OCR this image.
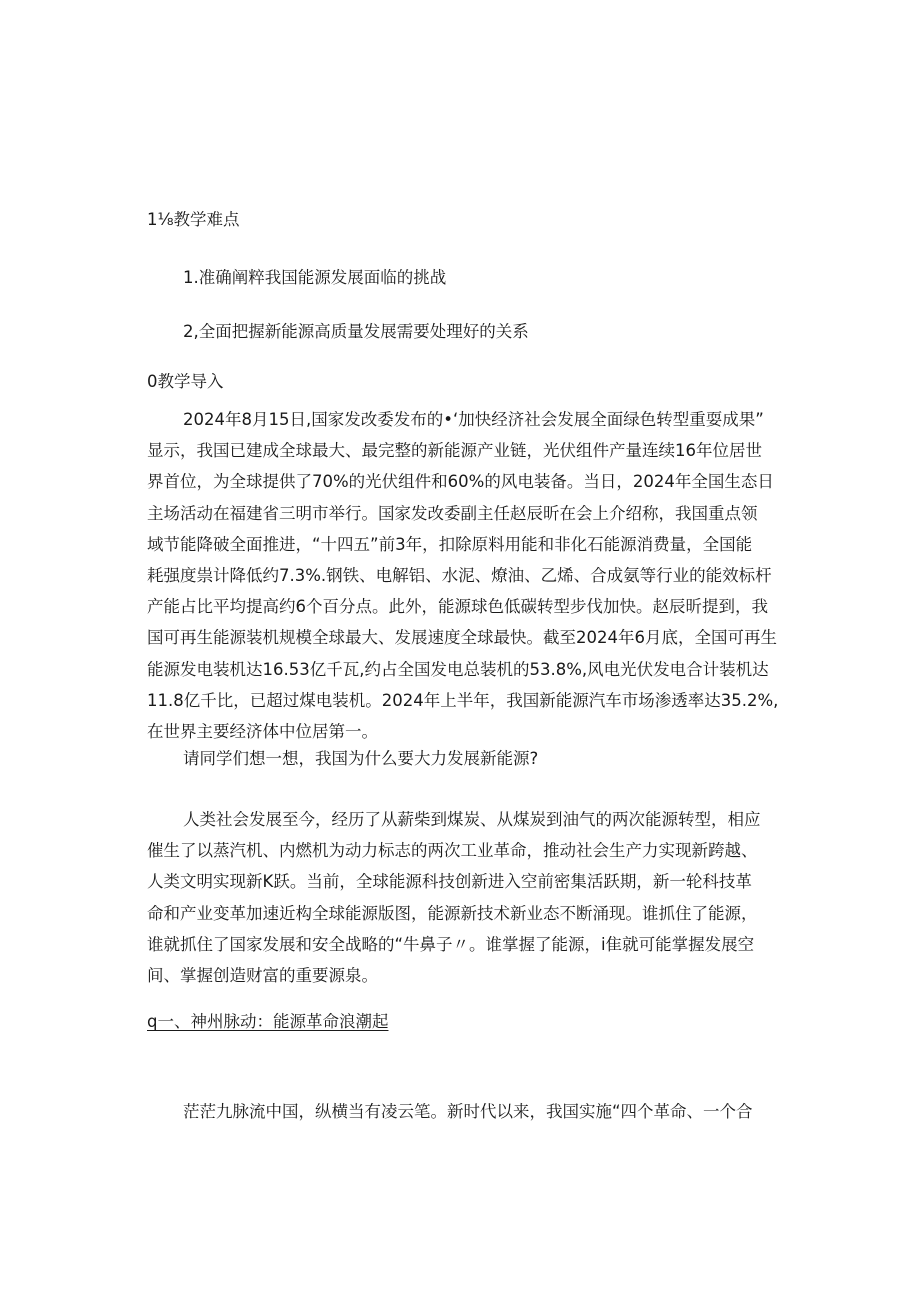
1⅛教学难点

1.准确阐粹我国能源发展面临的挑战

2,全面把握新能源高质量发展需要处理好的关系

0教学导入

2024年8月15日,国家发改委发布的•‘加快经济社会发展全面绿色转型重耍成果”
显示，我国已建成全球最大、最完整的新能源产业链，光伏组件产量连续16年位居世
界首位，为全球提供了70%的光伏组件和60%的风电装备。当日，2024年全国生态日
主场活动在福建省三明市举行。国家发改委副主任赵辰昕在会上介绍称，我国重点领
域节能降破全面推进，“十四五”前3年，扣除原料用能和非化石能源消费量，全国能
耗强度祟计降低约7.3%.钢铁、电解铝、水泥、燎油、乙烯、合成氨等行业的能效标杆
产能占比平均提高约6个百分点。此外，能源球色低碳转型步伐加快。赵辰昕提到，我
国可再生能源装机规模全球最大、发展速度全球最快。截至2024年6月底，全国可再生
能源发电装机达16.53亿千瓦,约占全国发电总装机的53.8%,风电光伏发电合计装机达
11.8亿千比，已超过煤电装机。2024年上半年，我国新能源汽车市场渗透率达35.2%,
在世界主要经济体中位居第一。

请同学们想一想，我国为什么要大力发展新能源?

人类社会发展至今，经历了从薪柴到煤炭、从煤炭到油气的两次能源转型，相应
催生了以蒸汽机、内燃机为动力标志的两次工业革命，推动社会生产力实现新跨越、
人类文明实现新K跃。当前，全球能源科技创新进入空前密集活跃期，新一轮科技革
命和产业变革加速近构全球能源版图，能源新技术新业态不断涌现。谁抓住了能源，
谁就抓住了国家发展和安全战略的“牛鼻子〃。谁掌握了能源，i隹就可能掌握发展空
间、掌握创造财富的重要源泉。

q一、神州脉动：能源革命浪潮起

茫茫九脉流中国，纵横当有凌云笔。新时代以来，我国实施“四个革命、一个合
